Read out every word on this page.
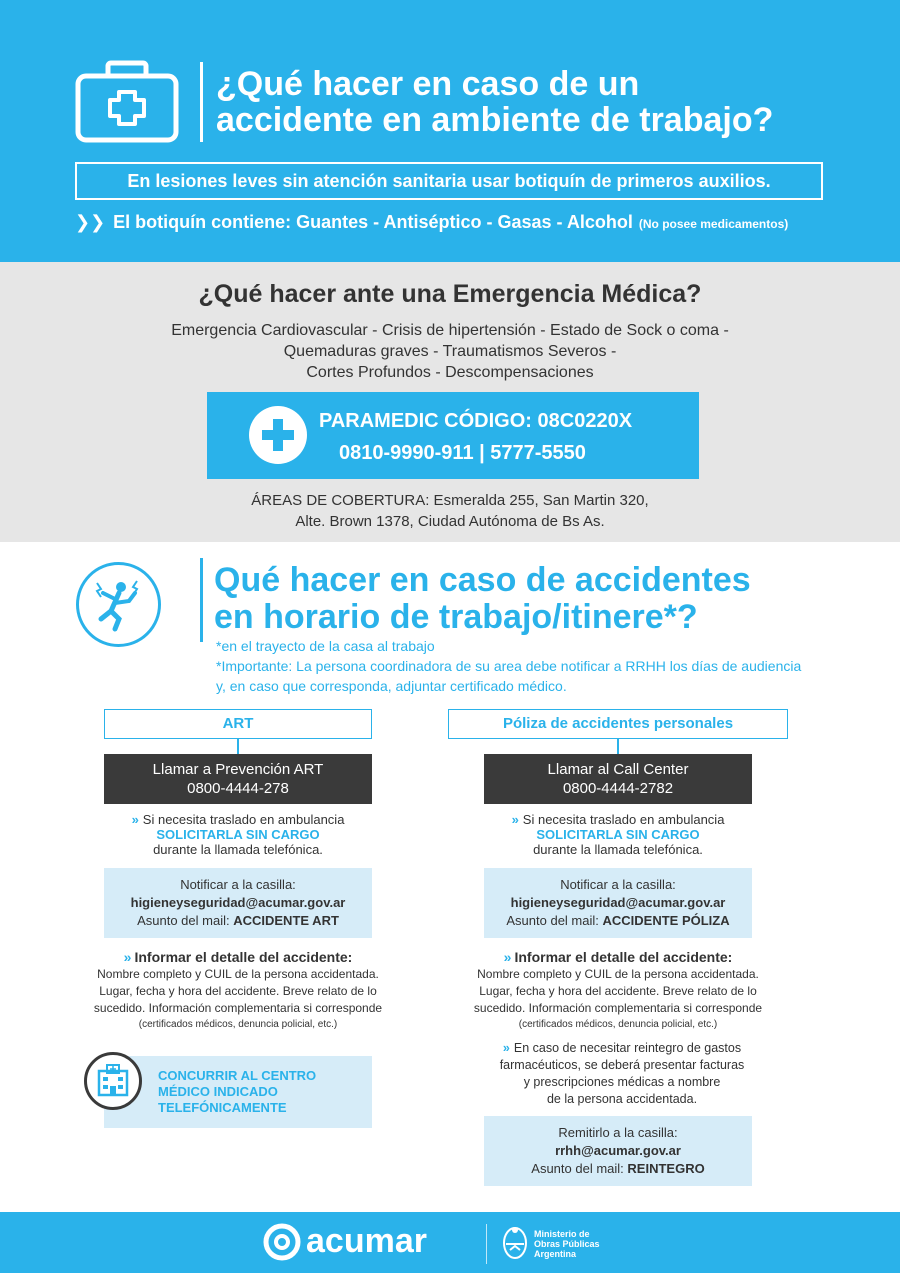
¿Qué hacer en caso de un
accidente en ambiente de trabajo?
En lesiones leves sin atención sanitaria usar botiquín de primeros auxilios.
❯❯ El botiquín contiene: Guantes - Antiséptico - Gasas - Alcohol (No posee medicamentos)
¿Qué hacer ante una Emergencia Médica?
Emergencia Cardiovascular - Crisis de hipertensión - Estado de Sock o coma -
Quemaduras graves - Traumatismos Severos -
Cortes Profundos - Descompensaciones
PARAMEDIC CÓDIGO: 08C0220X
0810-9990-911 | 5777-5550
ÁREAS DE COBERTURA: Esmeralda 255, San Martin 320,
Alte. Brown 1378, Ciudad Autónoma de Bs As.
Qué hacer en caso de accidentes
en horario de trabajo/itinere*?
*en el trayecto de la casa al trabajo
*Importante: La persona coordinadora de su area debe notificar a RRHH los días de audiencia y, en caso que corresponda, adjuntar certificado médico.
ART
Llamar a Prevención ART
0800-4444-278
» Si necesita traslado en ambulancia
SOLICITARLA SIN CARGO
durante la llamada telefónica.
Notificar a la casilla:
higieneyseguridad@acumar.gov.ar
Asunto del mail: ACCIDENTE ART
» Informar el detalle del accidente:
Nombre completo y CUIL de la persona accidentada.
Lugar, fecha y hora del accidente. Breve relato de lo
sucedido. Información complementaria si corresponde
(certificados médicos, denuncia policial, etc.)
CONCURRIR AL CENTRO
MÉDICO INDICADO
TELEFÓNICAMENTE
Póliza de accidentes personales
Llamar al Call Center
0800-4444-2782
» Si necesita traslado en ambulancia
SOLICITARLA SIN CARGO
durante la llamada telefónica.
Notificar a la casilla:
higieneyseguridad@acumar.gov.ar
Asunto del mail: ACCIDENTE PÓLIZA
» Informar el detalle del accidente:
Nombre completo y CUIL de la persona accidentada.
Lugar, fecha y hora del accidente. Breve relato de lo
sucedido. Información complementaria si corresponde
(certificados médicos, denuncia policial, etc.)
» En caso de necesitar reintegro de gastos
farmacéuticos, se deberá presentar facturas
y prescripciones médicas a nombre
de la persona accidentada.
Remitirlo a la casilla:
rrhh@acumar.gov.ar
Asunto del mail: REINTEGRO
acumar	Ministerio de
Obras Públicas
Argentina
